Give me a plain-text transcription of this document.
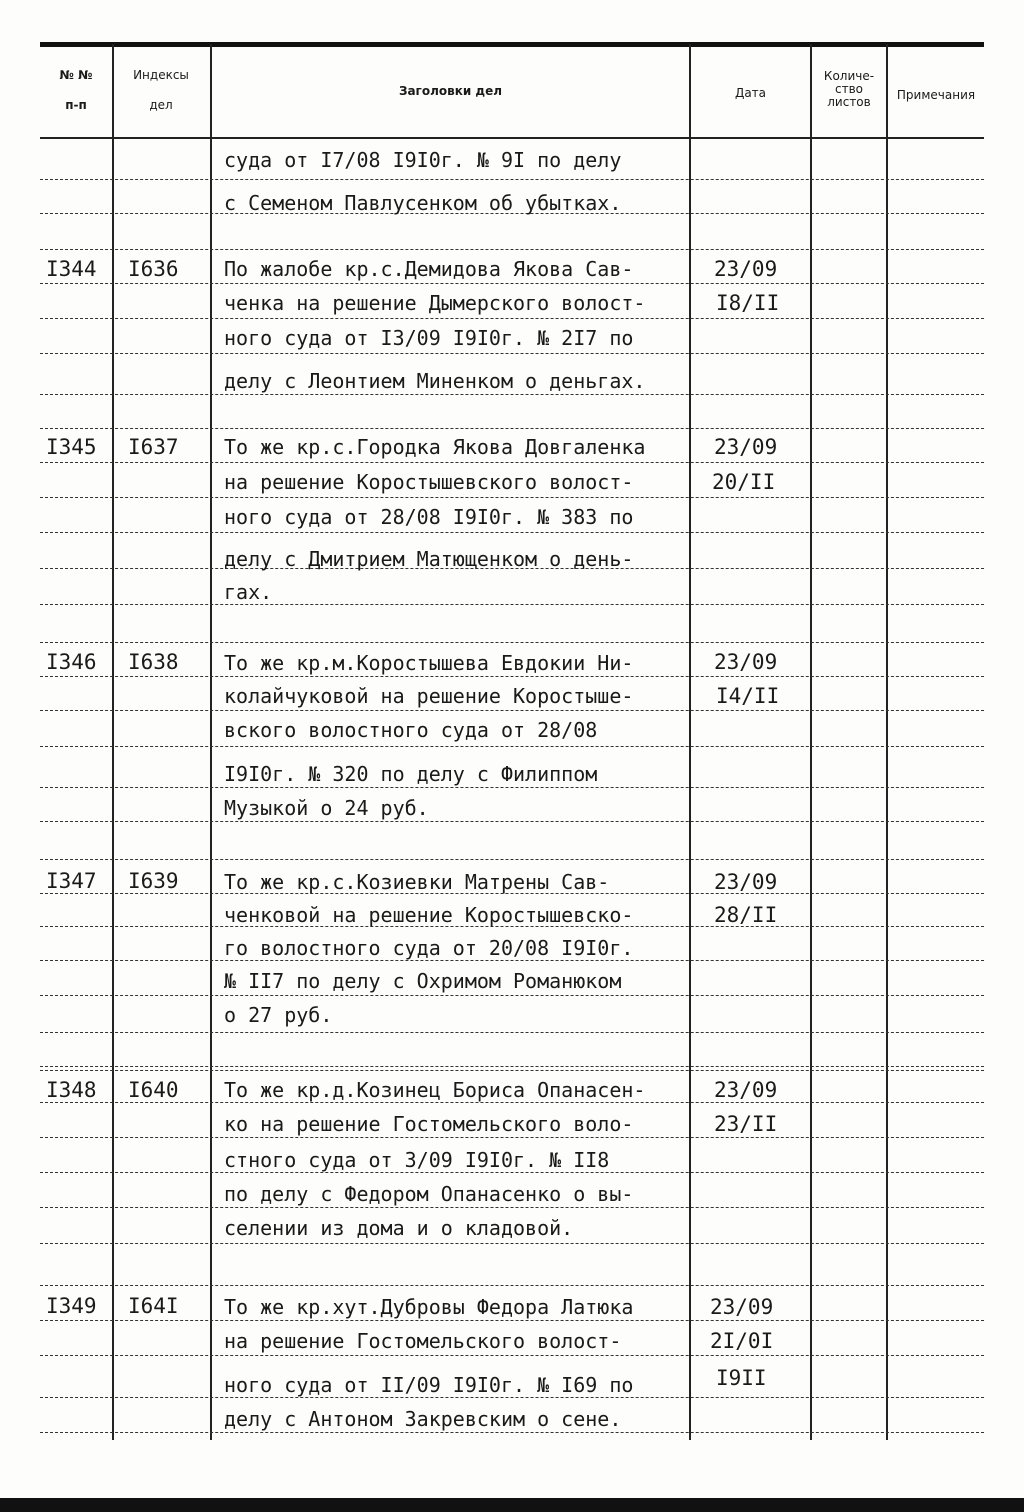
№ №
п-п
Индексы
дел
Заголовки дел	Дата
Количе-
ство
листов	Примечания
суда от I7/08 I9I0г. № 9I по делу
с Семеном Павлусенком об убытках.
I344 I636 По жалобе кр.с.Демидова Якова Сав-
ченка на решение Дымерского волост-
ного суда от I3/09 I9I0г. № 2I7 по
делу с Леонтием Миненком о деньгах.
23/09
I8/II
I345 I637 То же кр.с.Городка Якова Довгаленка
на решение Коростышевского волост-
ного суда от 28/08 I9I0г. № 383 по
делу с Дмитрием Матющенком о день-
гах.
23/09
20/II
I346 I638 То же кр.м.Коростышева Евдокии Ни-
колайчуковой на решение Коростыше-
вского волостного суда от 28/08
I9I0г. № 320 по делу с Филиппом
Музыкой о 24 руб.
23/09
I4/II
I347 I639 То же кр.с.Козиевки Матрены Сав-
ченковой на решение Коростышевско-
го волостного суда от 20/08 I9I0г.
№ II7 по делу с Охримом Романюком
о 27 руб.
23/09
28/II
I348 I640 То же кр.д.Козинец Бориса Опанасен-
ко на решение Гостомельского воло-
стного суда от 3/09 I9I0г. № II8
по делу с Федором Опанасенко о вы-
селении из дома и о кладовой.
23/09
23/II
I349 I64I То же кр.хут.Дубровы Федора Латюка
на решение Гостомельского волост-
ного суда от II/09 I9I0г. № I69 по
делу с Антоном Закревским о сене.
23/09
2I/0I
I9II
